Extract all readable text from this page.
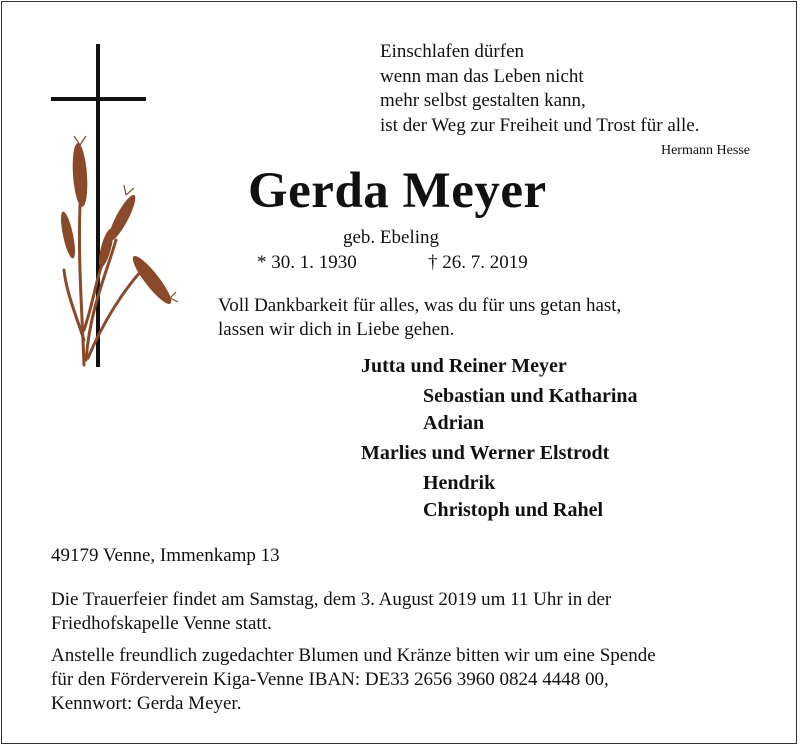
Einschlafen dürfen
wenn man das Leben nicht
mehr selbst gestalten kann,
ist der Weg zur Freiheit und Trost für alle.
Hermann Hesse
Gerda Meyer
geb. Ebeling
* 30. 1. 1930	† 26. 7. 2019
Voll Dankbarkeit für alles, was du für uns getan hast,
lassen wir dich in Liebe gehen.
Jutta und Reiner Meyer
Sebastian und Katharina
Adrian
Marlies und Werner Elstrodt
Hendrik
Christoph und Rahel
49179 Venne, Immenkamp 13
Die Trauerfeier findet am Samstag, dem 3. August 2019 um 11 Uhr in der
Friedhofskapelle Venne statt.
Anstelle freundlich zugedachter Blumen und Kränze bitten wir um eine Spende
für den Förderverein Kiga-Venne IBAN: DE33 2656 3960 0824 4448 00,
Kennwort: Gerda Meyer.
